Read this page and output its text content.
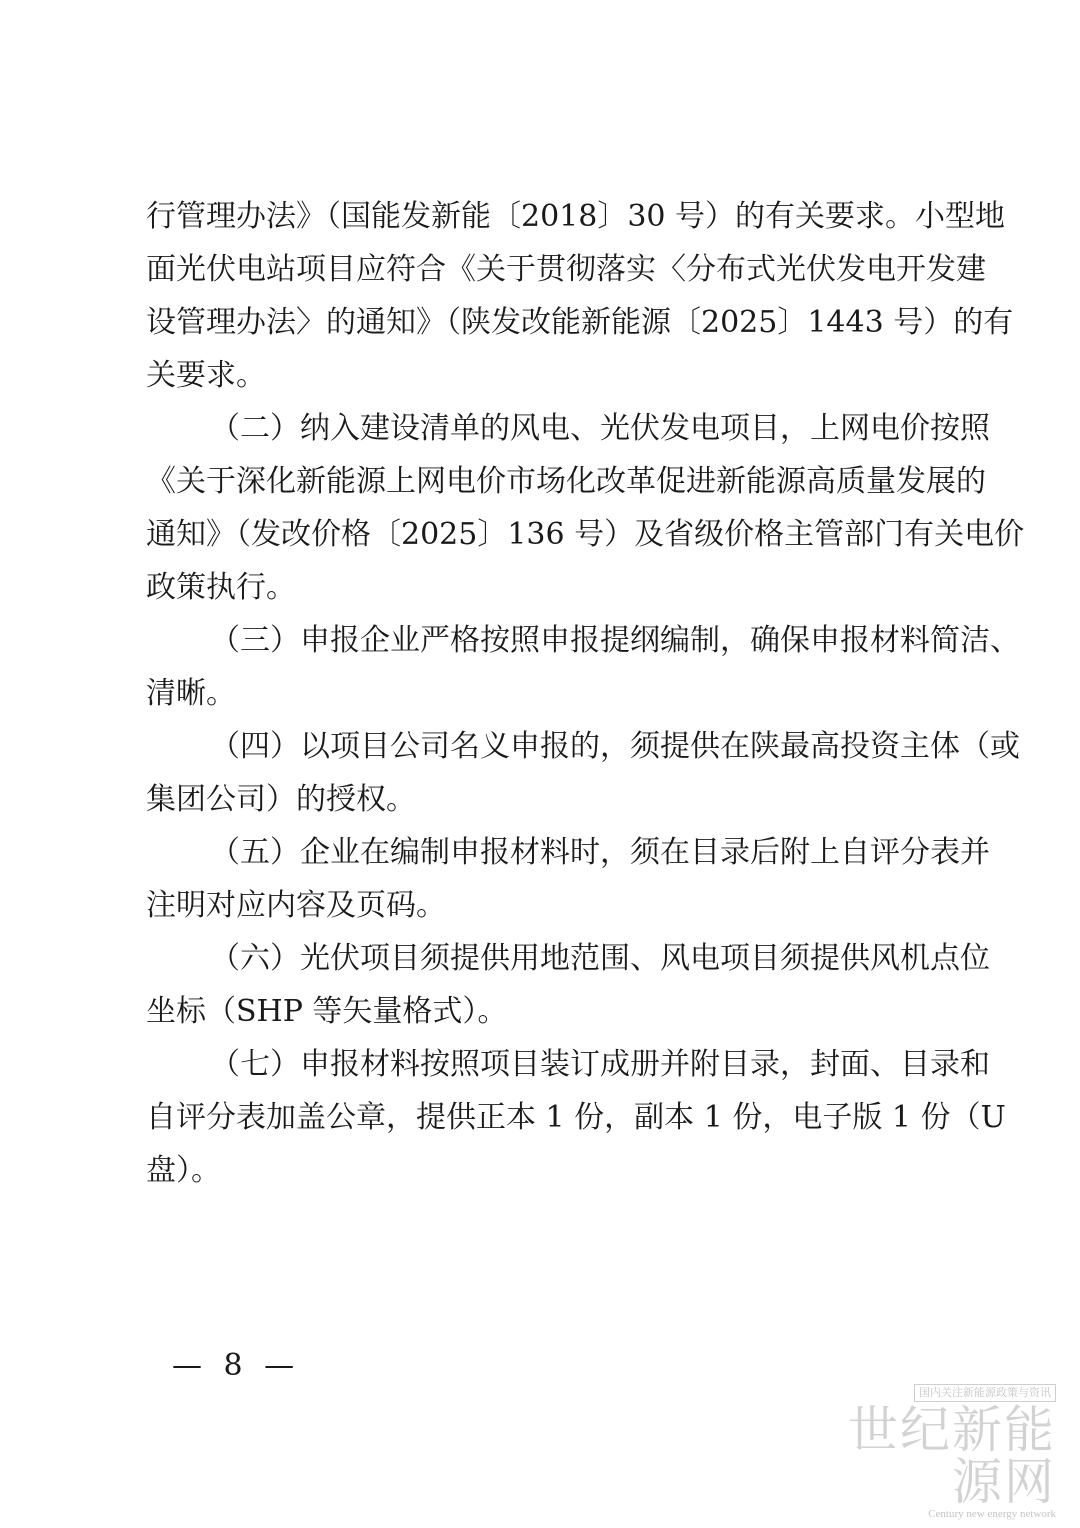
行管理办法》（国能发新能〔2018〕30 号）的有关要求。小型地
面光伏电站项目应符合《关于贯彻落实〈分布式光伏发电开发建
设管理办法〉的通知》（陕发改能新能源〔2025〕1443 号）的有
关要求。
（二）纳入建设清单的风电、光伏发电项目，上网电价按照
《关于深化新能源上网电价市场化改革促进新能源高质量发展的
通知》（发改价格〔2025〕136 号）及省级价格主管部门有关电价
政策执行。
（三）申报企业严格按照申报提纲编制，确保申报材料简洁、
清晰。
（四）以项目公司名义申报的，须提供在陕最高投资主体（或
集团公司）的授权。
（五）企业在编制申报材料时，须在目录后附上自评分表并
注明对应内容及页码。
（六）光伏项目须提供用地范围、风电项目须提供风机点位
坐标（SHP 等矢量格式）。
（七）申报材料按照项目装订成册并附目录，封面、目录和
自评分表加盖公章，提供正本 1 份，副本 1 份，电子版 1 份（U
盘）。
— 8 —
国内关注新能源政策与资讯
世纪新能源网
Century new energy network
